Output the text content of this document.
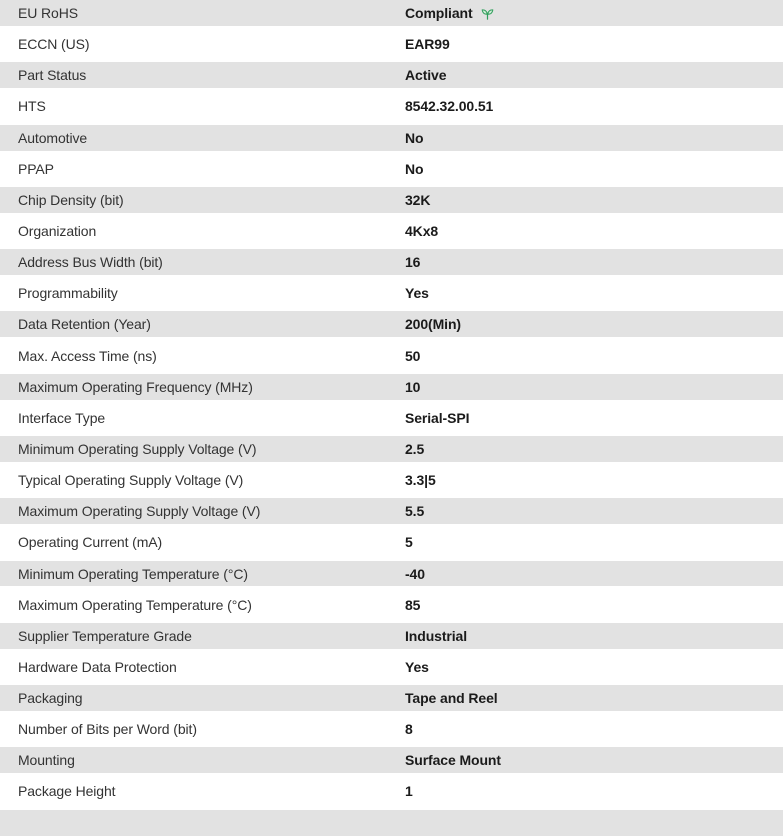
EU RoHS	Compliant
ECCN (US)	EAR99
Part Status	Active
HTS	8542.32.00.51
Automotive	No
PPAP	No
Chip Density (bit)	32K
Organization	4Kx8
Address Bus Width (bit)	16
Programmability	Yes
Data Retention (Year)	200(Min)
Max. Access Time (ns)	50
Maximum Operating Frequency (MHz)	10
Interface Type	Serial-SPI
Minimum Operating Supply Voltage (V)	2.5
Typical Operating Supply Voltage (V)	3.3|5
Maximum Operating Supply Voltage (V)	5.5
Operating Current (mA)	5
Minimum Operating Temperature (°C)	-40
Maximum Operating Temperature (°C)	85
Supplier Temperature Grade	Industrial
Hardware Data Protection	Yes
Packaging	Tape and Reel
Number of Bits per Word (bit)	8
Mounting	Surface Mount
Package Height	1
